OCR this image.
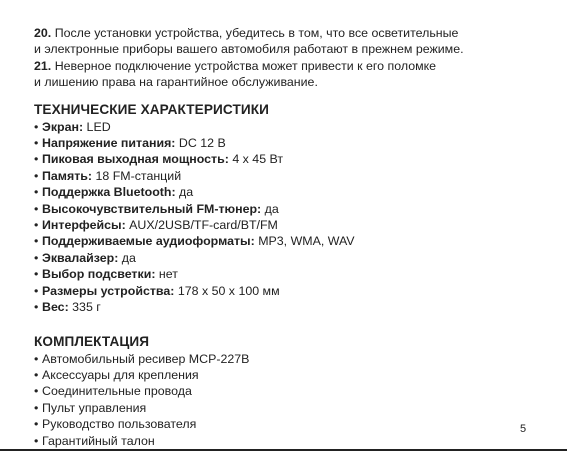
20. После установки устройства, убедитесь в том, что все осветительные
и электронные приборы вашего автомобиля работают в прежнем режиме.

21. Неверное подключение устройства может привести к его поломке
и лишению права на гарантийное обслуживание.

ТЕХНИЧЕСКИЕ ХАРАКТЕРИСТИКИ
• Экран: LED
• Напряжение питания: DC 12 В
• Пиковая выходная мощность: 4 х 45 Вт
• Память: 18 FM-станций
• Поддержка Bluetooth: да
• Высокочувствительный FM-тюнер: да
• Интерфейсы: AUX/2USB/TF-card/BT/FM
• Поддерживаемые аудиоформаты: MP3, WMA, WAV
• Эквалайзер: да
• Выбор подсветки: нет
• Размеры устройства: 178 х 50 х 100 мм
• Вес: 335 г
КОМПЛЕКТАЦИЯ
• Автомобильный ресивер MCP-227B
• Аксессуары для крепления
• Соединительные провода
• Пульт управления
• Руководство пользователя
• Гарантийный талон
5
